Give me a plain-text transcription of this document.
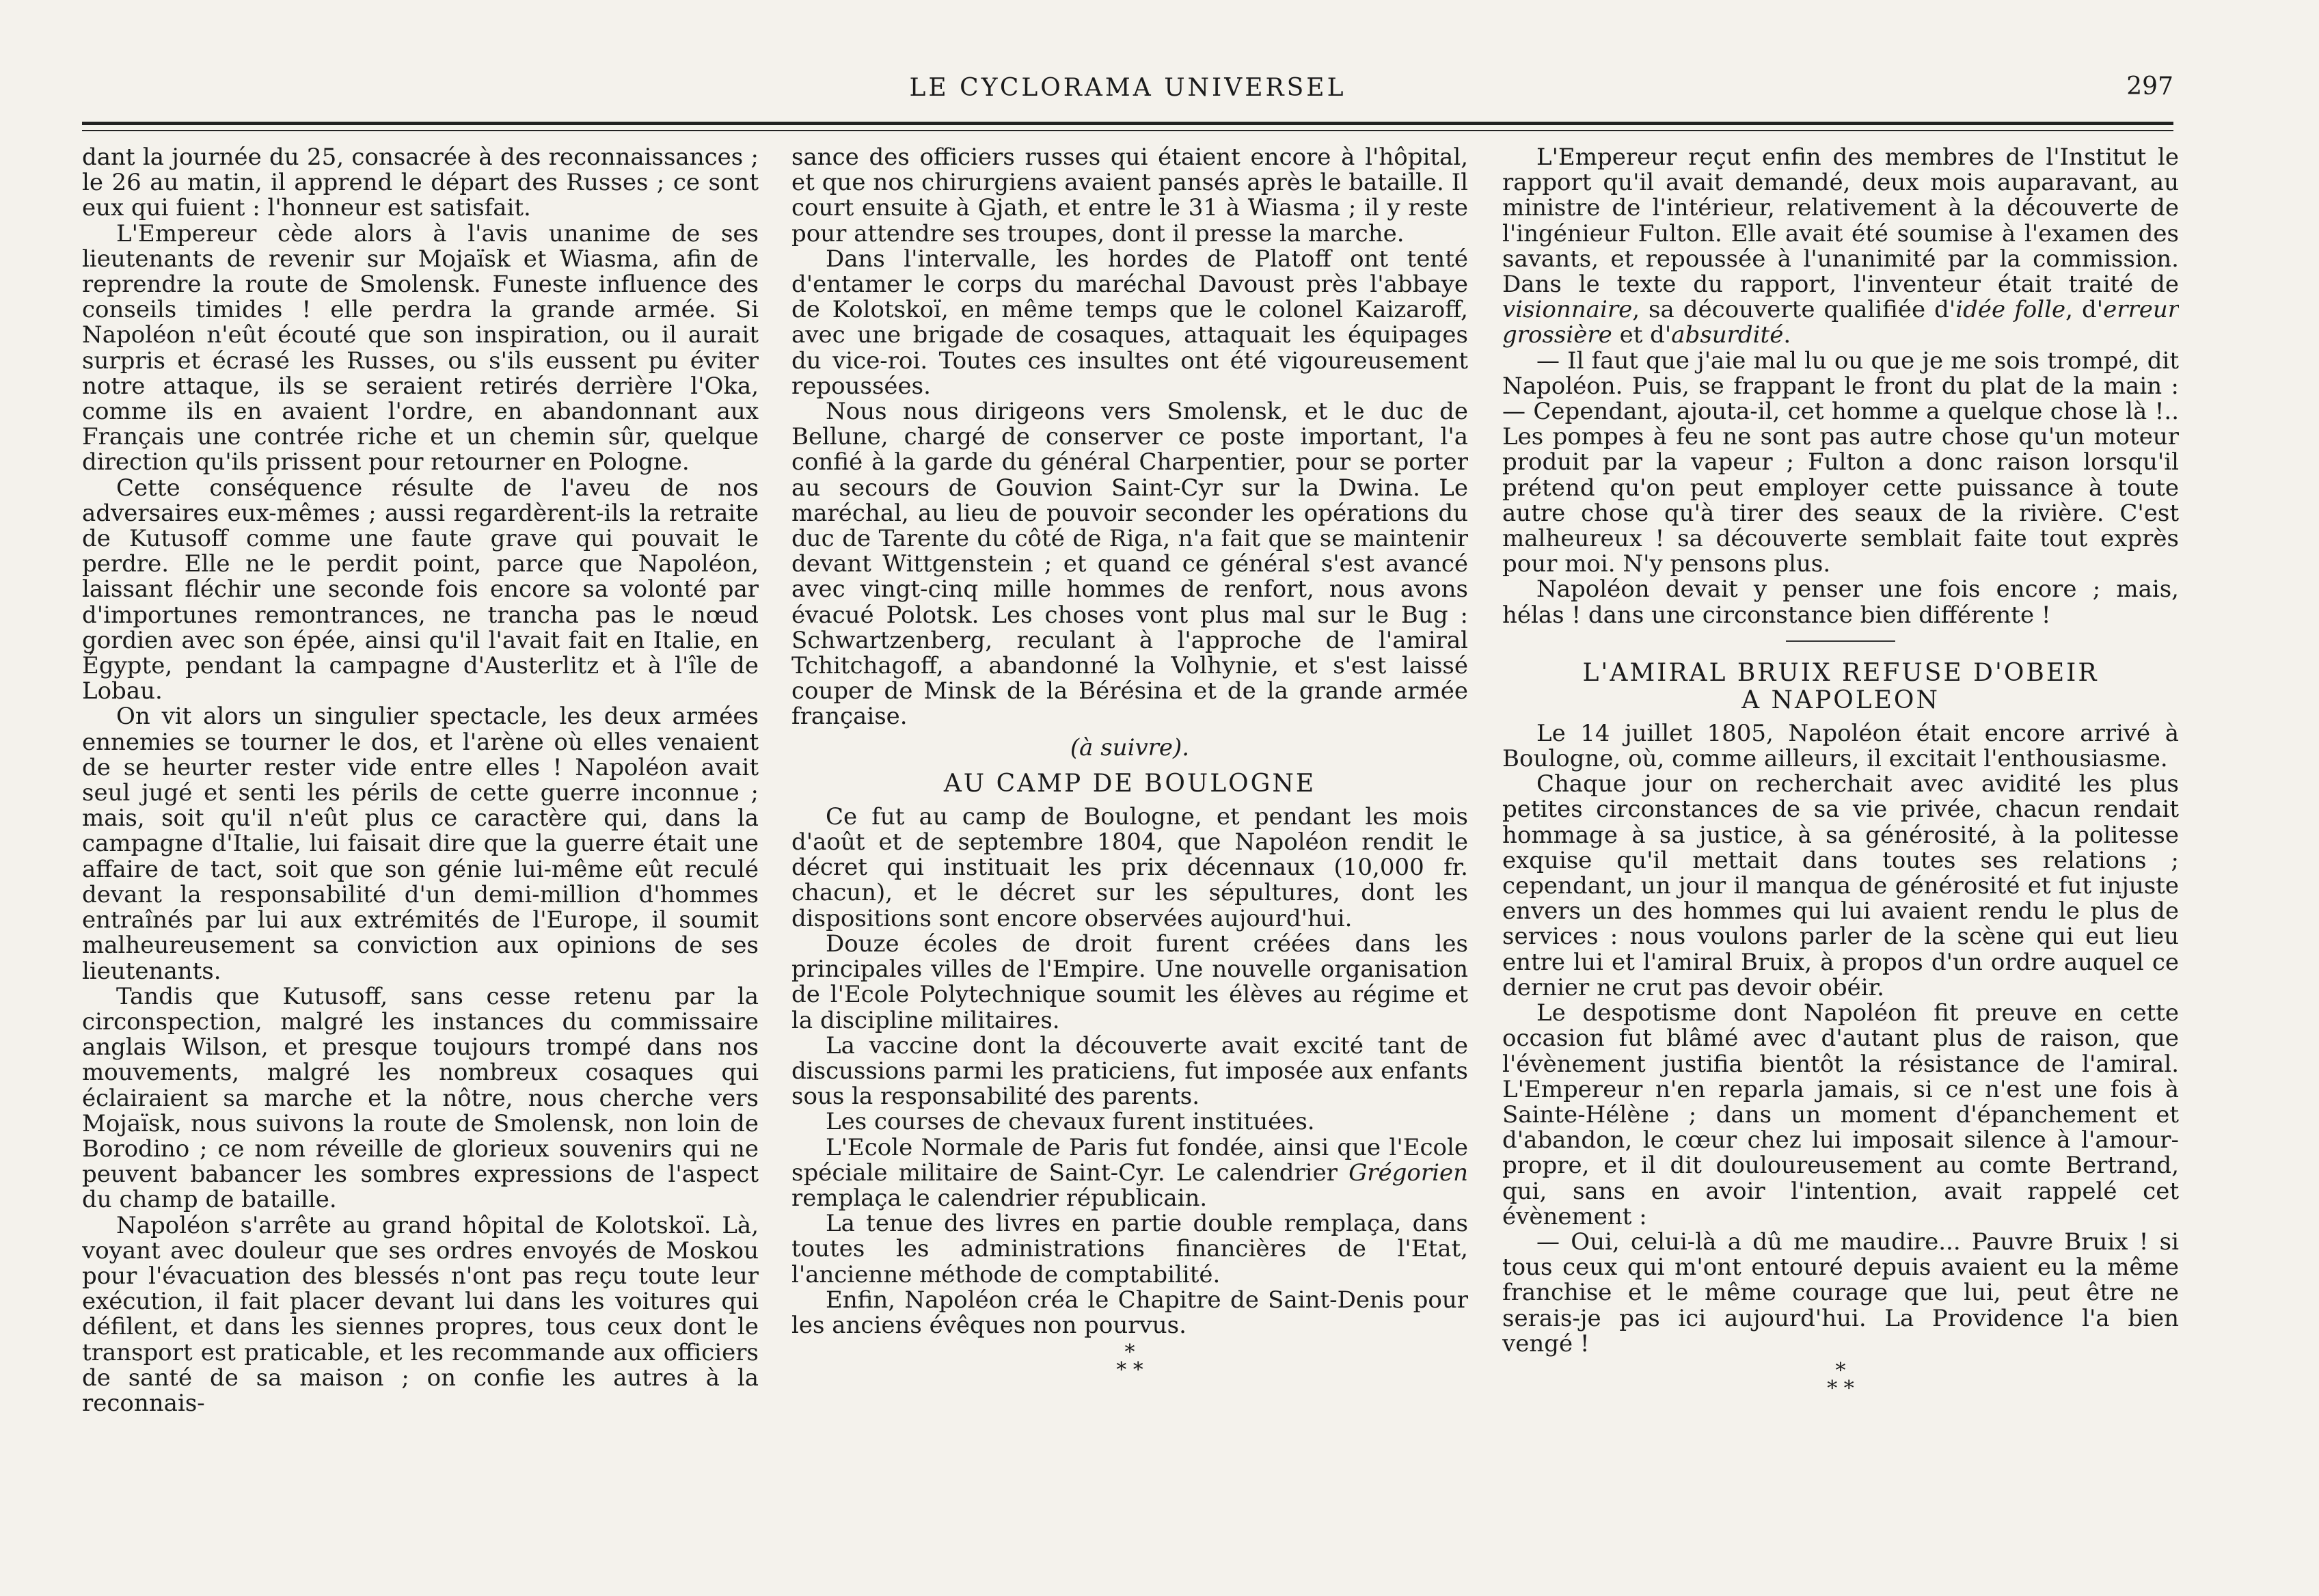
LE CYCLORAMA UNIVERSEL	297

dant la journée du 25, consacrée à des reconnaissances ; le 26 au matin, il apprend le départ des Russes ; ce sont eux qui fuient : l'honneur est satisfait.

L'Empereur cède alors à l'avis unanime de ses lieutenants de revenir sur Mojaïsk et Wiasma, afin de reprendre la route de Smolensk. Funeste influence des conseils timides ! elle perdra la grande armée. Si Napoléon n'eût écouté que son inspiration, ou il aurait surpris et écrasé les Russes, ou s'ils eussent pu éviter notre attaque, ils se seraient retirés derrière l'Oka, comme ils en avaient l'ordre, en abandonnant aux Français une contrée riche et un chemin sûr, quelque direction qu'ils prissent pour retourner en Pologne.

Cette conséquence résulte de l'aveu de nos adversaires eux-mêmes ; aussi regardèrent-ils la retraite de Kutusoff comme une faute grave qui pouvait le perdre. Elle ne le perdit point, parce que Napoléon, laissant fléchir une seconde fois encore sa volonté par d'importunes remontrances, ne trancha pas le nœud gordien avec son épée, ainsi qu'il l'avait fait en Italie, en Égypte, pendant la campagne d'Austerlitz et à l'île de Lobau.

On vit alors un singulier spectacle, les deux armées ennemies se tourner le dos, et l'arène où elles venaient de se heurter rester vide entre elles ! Napoléon avait seul jugé et senti les périls de cette guerre inconnue ; mais, soit qu'il n'eût plus ce caractère qui, dans la campagne d'Italie, lui faisait dire que la guerre était une affaire de tact, soit que son génie lui-même eût reculé devant la responsabilité d'un demi-million d'hommes entraînés par lui aux extrémités de l'Europe, il soumit malheureusement sa conviction aux opinions de ses lieutenants.

Tandis que Kutusoff, sans cesse retenu par la circonspection, malgré les instances du commissaire anglais Wilson, et presque toujours trompé dans nos mouvements, malgré les nombreux cosaques qui éclairaient sa marche et la nôtre, nous cherche vers Mojaïsk, nous suivons la route de Smolensk, non loin de Borodino ; ce nom réveille de glorieux souvenirs qui ne peuvent babancer les sombres expressions de l'aspect du champ de bataille.

Napoléon s'arrête au grand hôpital de Kolotskoï. Là, voyant avec douleur que ses ordres envoyés de Moskou pour l'évacuation des blessés n'ont pas reçu toute leur exécution, il fait placer devant lui dans les voitures qui défilent, et dans les siennes propres, tous ceux dont le transport est praticable, et les recommande aux officiers de santé de sa maison ; on confie les autres à la reconnais-

sance des officiers russes qui étaient encore à l'hôpital, et que nos chirurgiens avaient pansés après le bataille. Il court ensuite à Gjath, et entre le 31 à Wiasma ; il y reste pour attendre ses troupes, dont il presse la marche.

Dans l'intervalle, les hordes de Platoff ont tenté d'entamer le corps du maréchal Davoust près l'abbaye de Kolotskoï, en même temps que le colonel Kaizaroff, avec une brigade de cosaques, attaquait les équipages du vice-roi. Toutes ces insultes ont été vigoureusement repoussées.

Nous nous dirigeons vers Smolensk, et le duc de Bellune, chargé de conserver ce poste important, l'a confié à la garde du général Charpentier, pour se porter au secours de Gouvion Saint-Cyr sur la Dwina. Le maréchal, au lieu de pouvoir seconder les opérations du duc de Tarente du côté de Riga, n'a fait que se maintenir devant Wittgenstein ; et quand ce général s'est avancé avec vingt-cinq mille hommes de renfort, nous avons évacué Polotsk. Les choses vont plus mal sur le Bug : Schwartzenberg, reculant à l'approche de l'amiral Tchitchagoff, a abandonné la Volhynie, et s'est laissé couper de Minsk de la Bérésina et de la grande armée française.

(à suivre).
AU CAMP DE BOULOGNE

Ce fut au camp de Boulogne, et pendant les mois d'août et de septembre 1804, que Napoléon rendit le décret qui instituait les prix décennaux (10,000 fr. chacun), et le décret sur les sépultures, dont les dispositions sont encore observées aujourd'hui.

Douze écoles de droit furent créées dans les principales villes de l'Empire. Une nouvelle organisation de l'Ecole Polytechnique soumit les élèves au régime et la discipline militaires.

La vaccine dont la découverte avait excité tant de discussions parmi les praticiens, fut imposée aux enfants sous la responsabilité des parents.

Les courses de chevaux furent instituées.

L'Ecole Normale de Paris fut fondée, ainsi que l'Ecole spéciale militaire de Saint-Cyr. Le calendrier Grégorien remplaça le calendrier républicain.

La tenue des livres en partie double remplaça, dans toutes les administrations financières de l'Etat, l'ancienne méthode de comptabilité.

Enfin, Napoléon créa le Chapitre de Saint-Denis pour les anciens évêques non pourvus.

*
* *

L'Empereur reçut enfin des membres de l'Institut le rapport qu'il avait demandé, deux mois auparavant, au ministre de l'intérieur, relativement à la découverte de l'ingénieur Fulton. Elle avait été soumise à l'examen des savants, et repoussée à l'unanimité par la commission. Dans le texte du rapport, l'inventeur était traité de visionnaire, sa découverte qualifiée d'idée folle, d'erreur grossière et d'absurdité.

— Il faut que j'aie mal lu ou que je me sois trompé, dit Napoléon. Puis, se frappant le front du plat de la main :— Cependant, ajouta-il, cet homme a quelque chose là !.. Les pompes à feu ne sont pas autre chose qu'un moteur produit par la vapeur ; Fulton a donc raison lorsqu'il prétend qu'on peut employer cette puissance à toute autre chose qu'à tirer des seaux de la rivière. C'est malheureux ! sa découverte semblait faite tout exprès pour moi. N'y pensons plus.

Napoléon devait y penser une fois encore ; mais, hélas ! dans une circonstance bien différente !

L'AMIRAL BRUIX REFUSE D'OBEIR
A NAPOLEON

Le 14 juillet 1805, Napoléon était encore arrivé à Boulogne, où, comme ailleurs, il excitait l'enthousiasme.

Chaque jour on recherchait avec avidité les plus petites circonstances de sa vie privée, chacun rendait hommage à sa justice, à sa générosité, à la politesse exquise qu'il mettait dans toutes ses relations ; cependant, un jour il manqua de générosité et fut injuste envers un des hommes qui lui avaient rendu le plus de services : nous voulons parler de la scène qui eut lieu entre lui et l'amiral Bruix, à propos d'un ordre auquel ce dernier ne crut pas devoir obéir.

Le despotisme dont Napoléon fit preuve en cette occasion fut blâmé avec d'autant plus de raison, que l'évènement justifia bientôt la résistance de l'amiral. L'Empereur n'en reparla jamais, si ce n'est une fois à Sainte-Hélène ; dans un moment d'épanchement et d'abandon, le cœur chez lui imposait silence à l'amour-propre, et il dit douloureusement au comte Bertrand, qui, sans en avoir l'intention, avait rappelé cet évènement :

— Oui, celui-là a dû me maudire... Pauvre Bruix ! si tous ceux qui m'ont entouré depuis avaient eu la même franchise et le même courage que lui, peut être ne serais-je pas ici aujourd'hui. La Providence l'a bien vengé !

*
* *
